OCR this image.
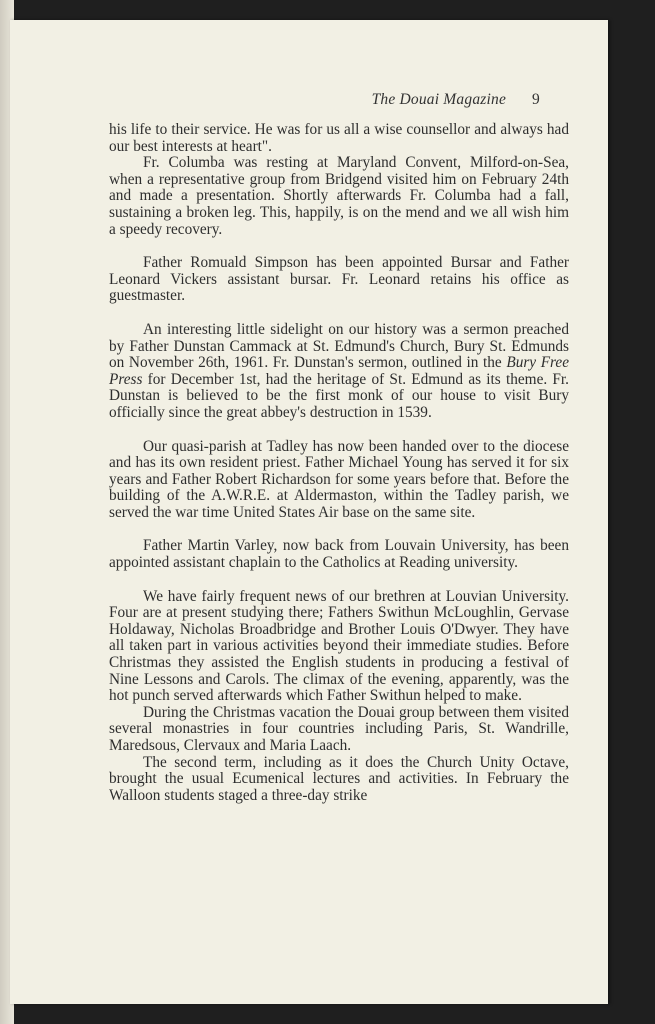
The Douai Magazine 9

his life to their service. He was for us all a wise counsellor and always had our best interests at heart".

Fr. Columba was resting at Maryland Convent, Milford-on-Sea, when a representative group from Bridgend visited him on February 24th and made a presentation. Shortly afterwards Fr. Columba had a fall, sustaining a broken leg. This, happily, is on the mend and we all wish him a speedy recovery.

Father Romuald Simpson has been appointed Bursar and Father Leonard Vickers assistant bursar. Fr. Leonard retains his office as guestmaster.

An interesting little sidelight on our history was a sermon preached by Father Dunstan Cammack at St. Edmund's Church, Bury St. Edmunds on November 26th, 1961. Fr. Dunstan's sermon, outlined in the Bury Free Press for December 1st, had the heritage of St. Edmund as its theme. Fr. Dunstan is believed to be the first monk of our house to visit Bury officially since the great abbey's destruction in 1539.

Our quasi-parish at Tadley has now been handed over to the diocese and has its own resident priest. Father Michael Young has served it for six years and Father Robert Richardson for some years before that. Before the building of the A.W.R.E. at Aldermaston, within the Tadley parish, we served the war time United States Air base on the same site.

Father Martin Varley, now back from Louvain University, has been appointed assistant chaplain to the Catholics at Reading university.

We have fairly frequent news of our brethren at Louvian University. Four are at present studying there; Fathers Swithun McLoughlin, Gervase Holdaway, Nicholas Broadbridge and Brother Louis O'Dwyer. They have all taken part in various activities beyond their immediate studies. Before Christmas they assisted the English students in producing a festival of Nine Lessons and Carols. The climax of the evening, apparently, was the hot punch served afterwards which Father Swithun helped to make.

During the Christmas vacation the Douai group between them visited several monastries in four countries including Paris, St. Wandrille, Maredsous, Clervaux and Maria Laach.

The second term, including as it does the Church Unity Octave, brought the usual Ecumenical lectures and activities. In February the Walloon students staged a three-day strike
